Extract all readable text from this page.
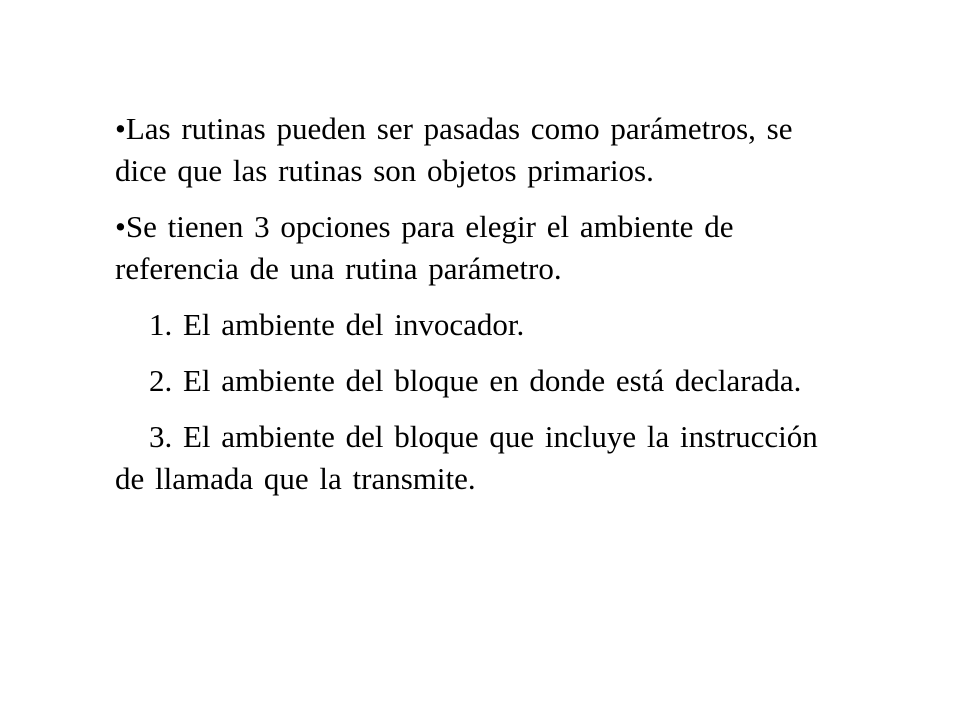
•Las rutinas pueden ser pasadas como parámetros, se dice que las rutinas son objetos primarios.

•Se tienen 3 opciones para elegir el ambiente de referencia de una rutina parámetro.

1. El ambiente del invocador.

2. El ambiente del bloque en donde está declarada.

3. El ambiente del bloque que incluye la instrucción de llamada que la transmite.
